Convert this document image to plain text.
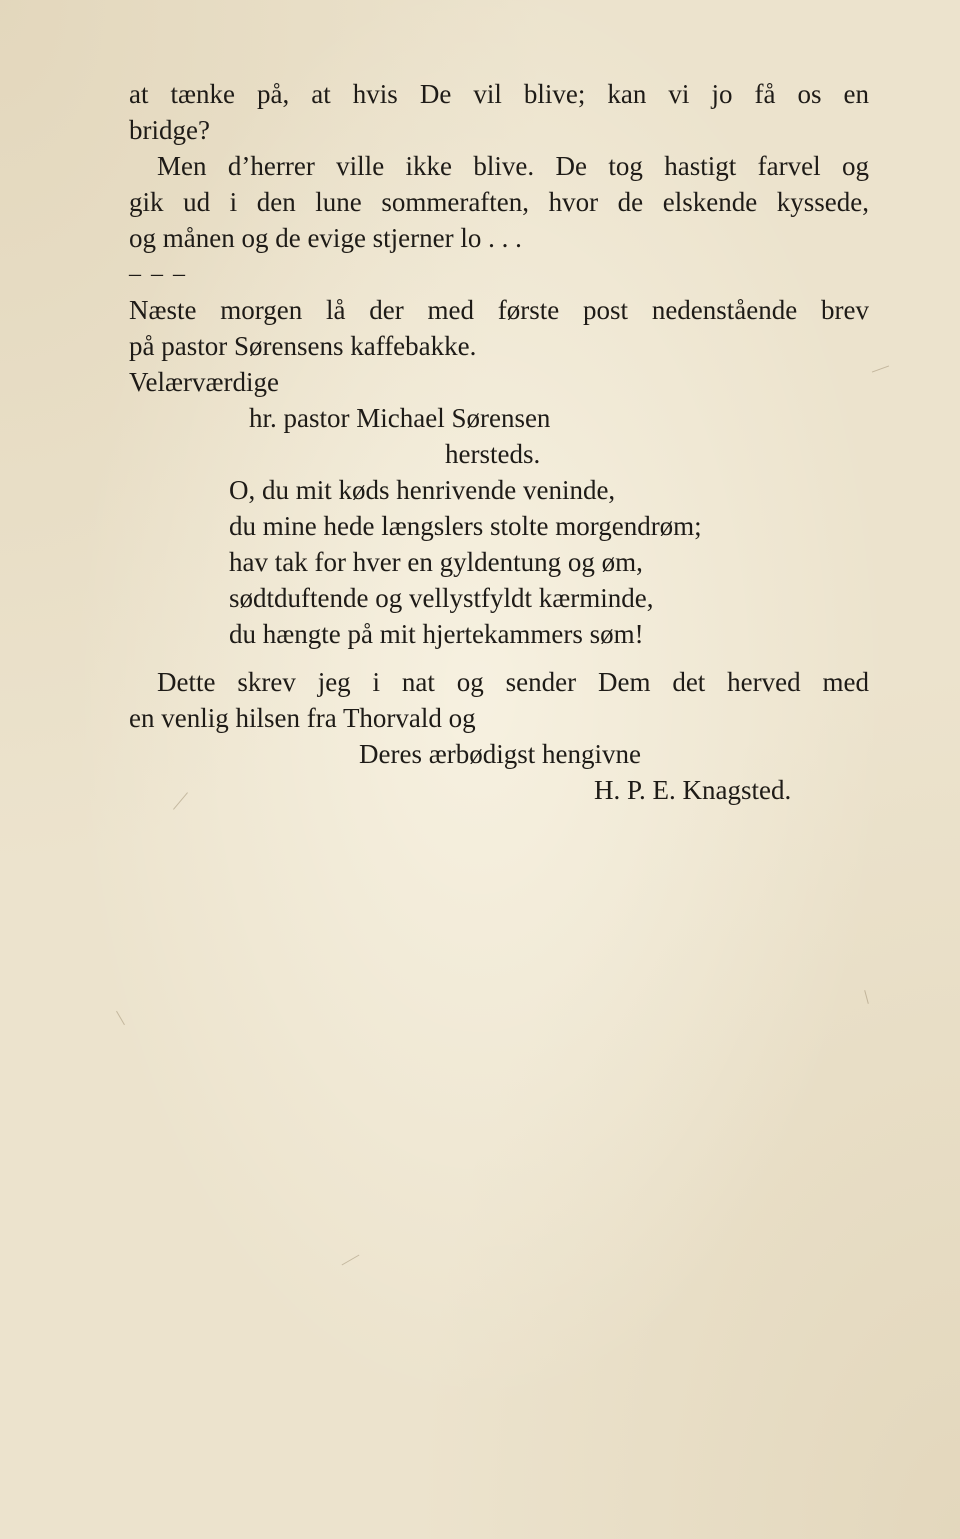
at tænke på, at hvis De vil blive; kan vi jo få os en
bridge?
Men d’herrer ville ikke blive. De tog hastigt farvel og
gik ud i den lune sommeraften, hvor de elskende kyssede,
og månen og de evige stjerner lo . . .
– – –
Næste morgen lå der med første post nedenstående brev
på pastor Sørensens kaffebakke.
Velærværdige
hr. pastor Michael Sørensen
hersteds.
O, du mit køds henrivende veninde,
du mine hede længslers stolte morgendrøm;
hav tak for hver en gyldentung og øm,
sødtduftende og vellystfyldt kærminde,
du hængte på mit hjertekammers søm!
Dette skrev jeg i nat og sender Dem det herved med
en venlig hilsen fra Thorvald og
Deres ærbødigst hengivne
H. P. E. Knagsted.
